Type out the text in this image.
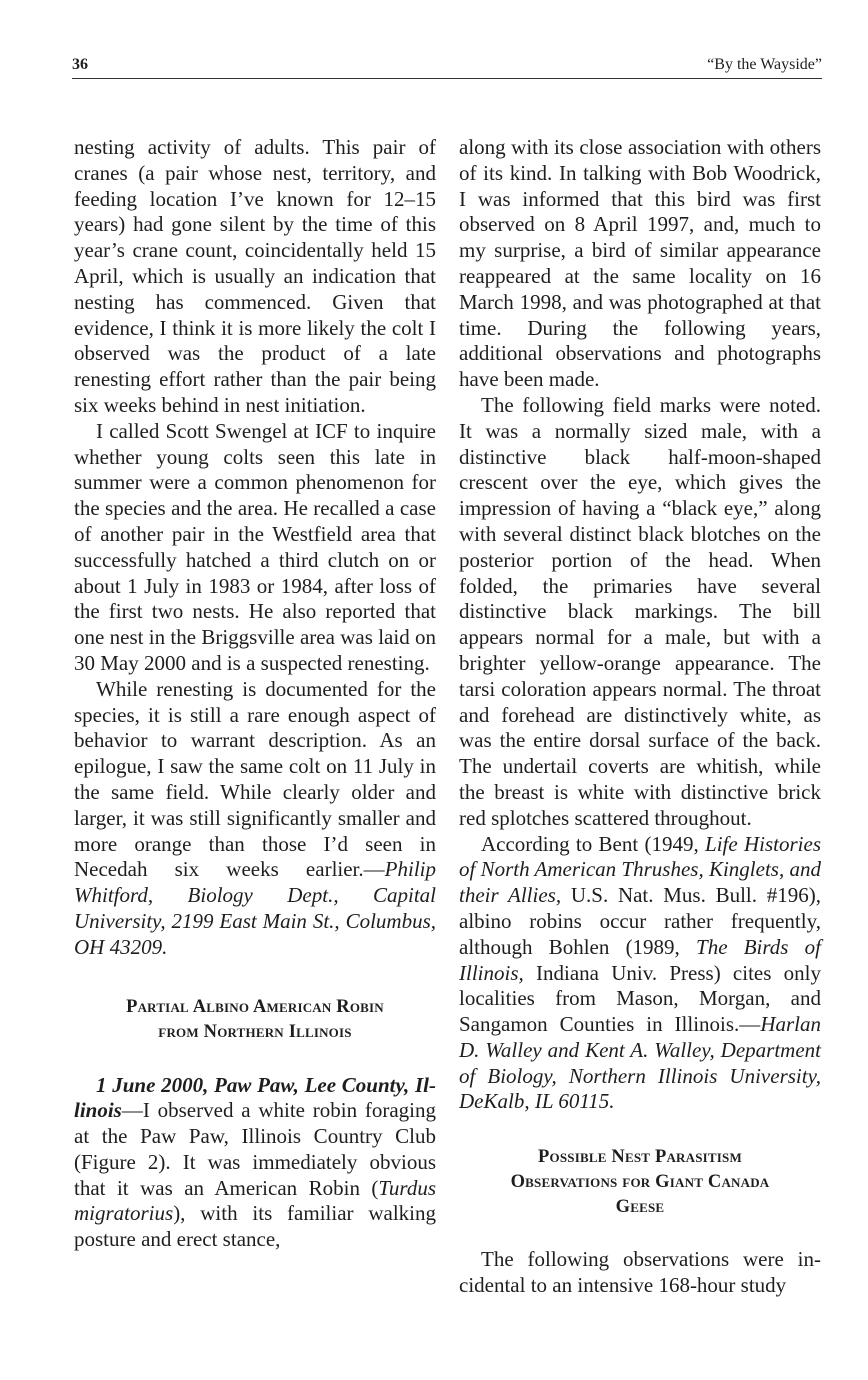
36	“By the Wayside”

nesting activity of adults. This pair of cranes (a pair whose nest, territory, and feeding location I’ve known for 12–15 years) had gone silent by the time of this year’s crane count, coincidentally held 15 April, which is usually an indication that nesting has commenced. Given that evidence, I think it is more likely the colt I observed was the product of a late renesting effort rather than the pair being six weeks behind in nest initiation.

I called Scott Swengel at ICF to inquire whether young colts seen this late in summer were a common phenomenon for the species and the area. He recalled a case of another pair in the Westfield area that successfully hatched a third clutch on or about 1 July in 1983 or 1984, after loss of the first two nests. He also reported that one nest in the Briggsville area was laid on 30 May 2000 and is a suspected renesting.

While renesting is documented for the species, it is still a rare enough aspect of behavior to warrant description. As an epilogue, I saw the same colt on 11 July in the same field. While clearly older and larger, it was still significantly smaller and more orange than those I’d seen in Necedah six weeks earlier.—Philip Whitford, Biology Dept., Capital University, 2199 East Main St., Columbus, OH 43209.

Partial Albino American Robin
from Northern Illinois

1 June 2000, Paw Paw, Lee County, Illinois—I observed a white robin foraging at the Paw Paw, Illinois Country Club (Figure 2). It was immediately obvious that it was an American Robin (Turdus migratorius), with its familiar walking posture and erect stance,

along with its close association with others of its kind. In talking with Bob Woodrick, I was informed that this bird was first observed on 8 April 1997, and, much to my surprise, a bird of similar appearance reappeared at the same locality on 16 March 1998, and was photographed at that time. During the following years, additional observations and photographs have been made.

The following field marks were noted. It was a normally sized male, with a distinctive black half-moon-shaped crescent over the eye, which gives the impression of having a “black eye,” along with several distinct black blotches on the posterior portion of the head. When folded, the primaries have several distinctive black markings. The bill appears normal for a male, but with a brighter yellow-orange appearance. The tarsi coloration appears normal. The throat and forehead are distinctively white, as was the entire dorsal surface of the back. The undertail coverts are whitish, while the breast is white with distinctive brick red splotches scattered throughout.

According to Bent (1949, Life Histories of North American Thrushes, Kinglets, and their Allies, U.S. Nat. Mus. Bull. #196), albino robins occur rather frequently, although Bohlen (1989, The Birds of Illinois, Indiana Univ. Press) cites only localities from Mason, Morgan, and Sangamon Counties in Illinois.—Harlan D. Walley and Kent A. Walley, Department of Biology, Northern Illinois University, DeKalb, IL 60115.

Possible Nest Parasitism
Observations for Giant Canada
Geese

The following observations were incidental to an intensive 168-hour study
